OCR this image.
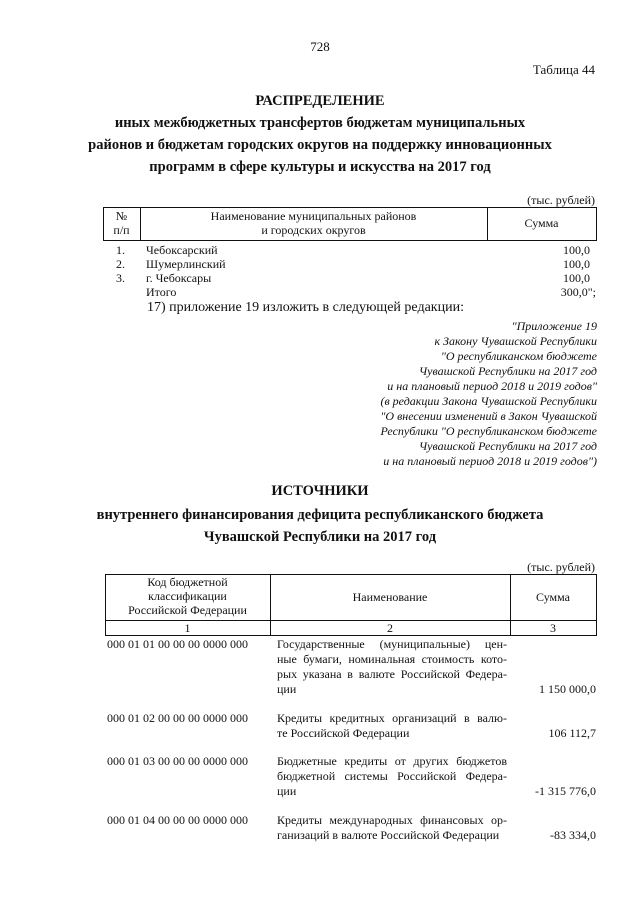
728
Таблица 44
РАСПРЕДЕЛЕНИЕ
иных межбюджетных трансфертов бюджетам муниципальных
районов и бюджетам городских округов на поддержку инновационных
программ в сфере культуры и искусства на 2017 год
(тыс. рублей)
№
п/п
Наименование муниципальных районов
и городских округов	Сумма
1. Чебоксарский	100,0
2. Шумерлинский	100,0
3. г. Чебоксары	100,0
Итого	300,0";
17) приложение 19 изложить в следующей редакции:
"Приложение 19
к Закону Чувашской Республики
"О республиканском бюджете
Чувашской Республики на 2017 год
и на плановый период 2018 и 2019 годов"
(в редакции Закона Чувашской Республики
"О внесении изменений в Закон Чувашской
Республики "О республиканском бюджете
Чувашской Республики на 2017 год
и на плановый период 2018 и 2019 годов")
ИСТОЧНИКИ
внутреннего финансирования дефицита республиканского бюджета
Чувашской Республики на 2017 год
(тыс. рублей)
Код бюджетной
классификации
Российской Федерации
Наименование	Сумма
1	2	3
000 01 01 00 00 00 0000 000 Государственные (муниципальные) цен-
ные бумаги, номинальная стоимость кото-
рых указана в валюте Российской Федера-
ции	1 150 000,0
000 01 02 00 00 00 0000 000 Кредиты кредитных организаций в валю-
те Российской Федерации	106 112,7
000 01 03 00 00 00 0000 000 Бюджетные кредиты от других бюджетов
бюджетной системы Российской Федера-
ции	-1 315 776,0
000 01 04 00 00 00 0000 000 Кредиты международных финансовых ор-
ганизаций в валюте Российской Федерации	-83 334,0
